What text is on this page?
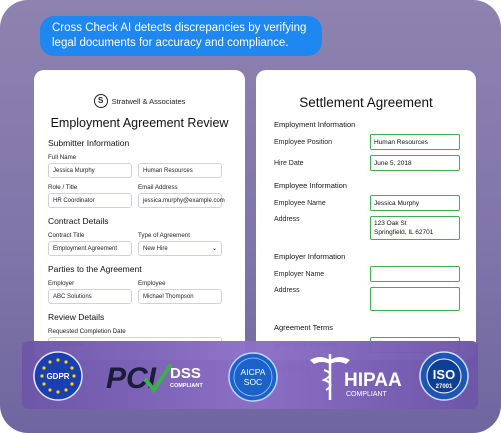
Cross Check AI detects discrepancies by verifying legal documents for accuracy and compliance.
S	Stratwell & Associates
Employment Agreement Review
Submitter Information
Full Name
Jessica Murphy	Human Resources
Role / Title
HR Coordinator
Email Address
jessica.murphy@example.com
Contract Details
Contract Title
Employment Agreement
Type of Agreement
New Hire	⌄
Parties to the Agreement
Employer
ABC Solutions
Employee
Michael Thompson
Review Details
Requested Completion Date
Settlement Agreement
Employment Information
Employee Position	Human Resources
Hire Date	June 5, 2018
Employee Information
Employee Name	Jessica Murphy
Address
123 Oak St
Springfield, IL 62701
Employer Information
Employer Name
Address
Agreement Terms
GDPR PCI DSS
COMPLIANT
AICPA
SOC	HIPAA
COMPLIANT
ISO
27001
